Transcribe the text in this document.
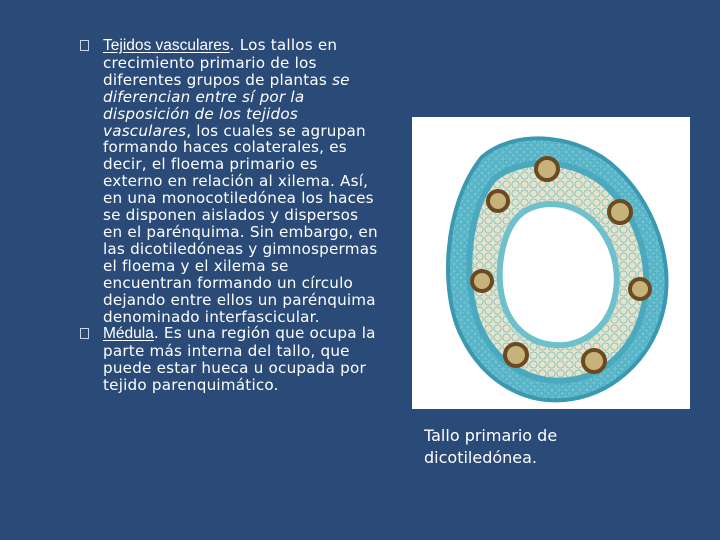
Tejidos vasculares. Los tallos en crecimiento primario de los diferentes grupos de plantas se diferencian entre sí por la disposición de los tejidos vasculares, los cuales se agrupan formando haces colaterales, es decir, el floema primario es externo en relación al xilema. Así, en una monocotiledónea los haces se disponen aislados y dispersos en el parénquima. Sin embargo, en las dicotiledóneas y gimnospermas el floema y el xilema se encuentran formando un círculo dejando entre ellos un parénquima denominado interfascicular.
Médula. Es una región que ocupa la parte más interna del tallo, que puede estar hueca u ocupada por tejido parenquimático.
Tallo primario de dicotiledónea.
